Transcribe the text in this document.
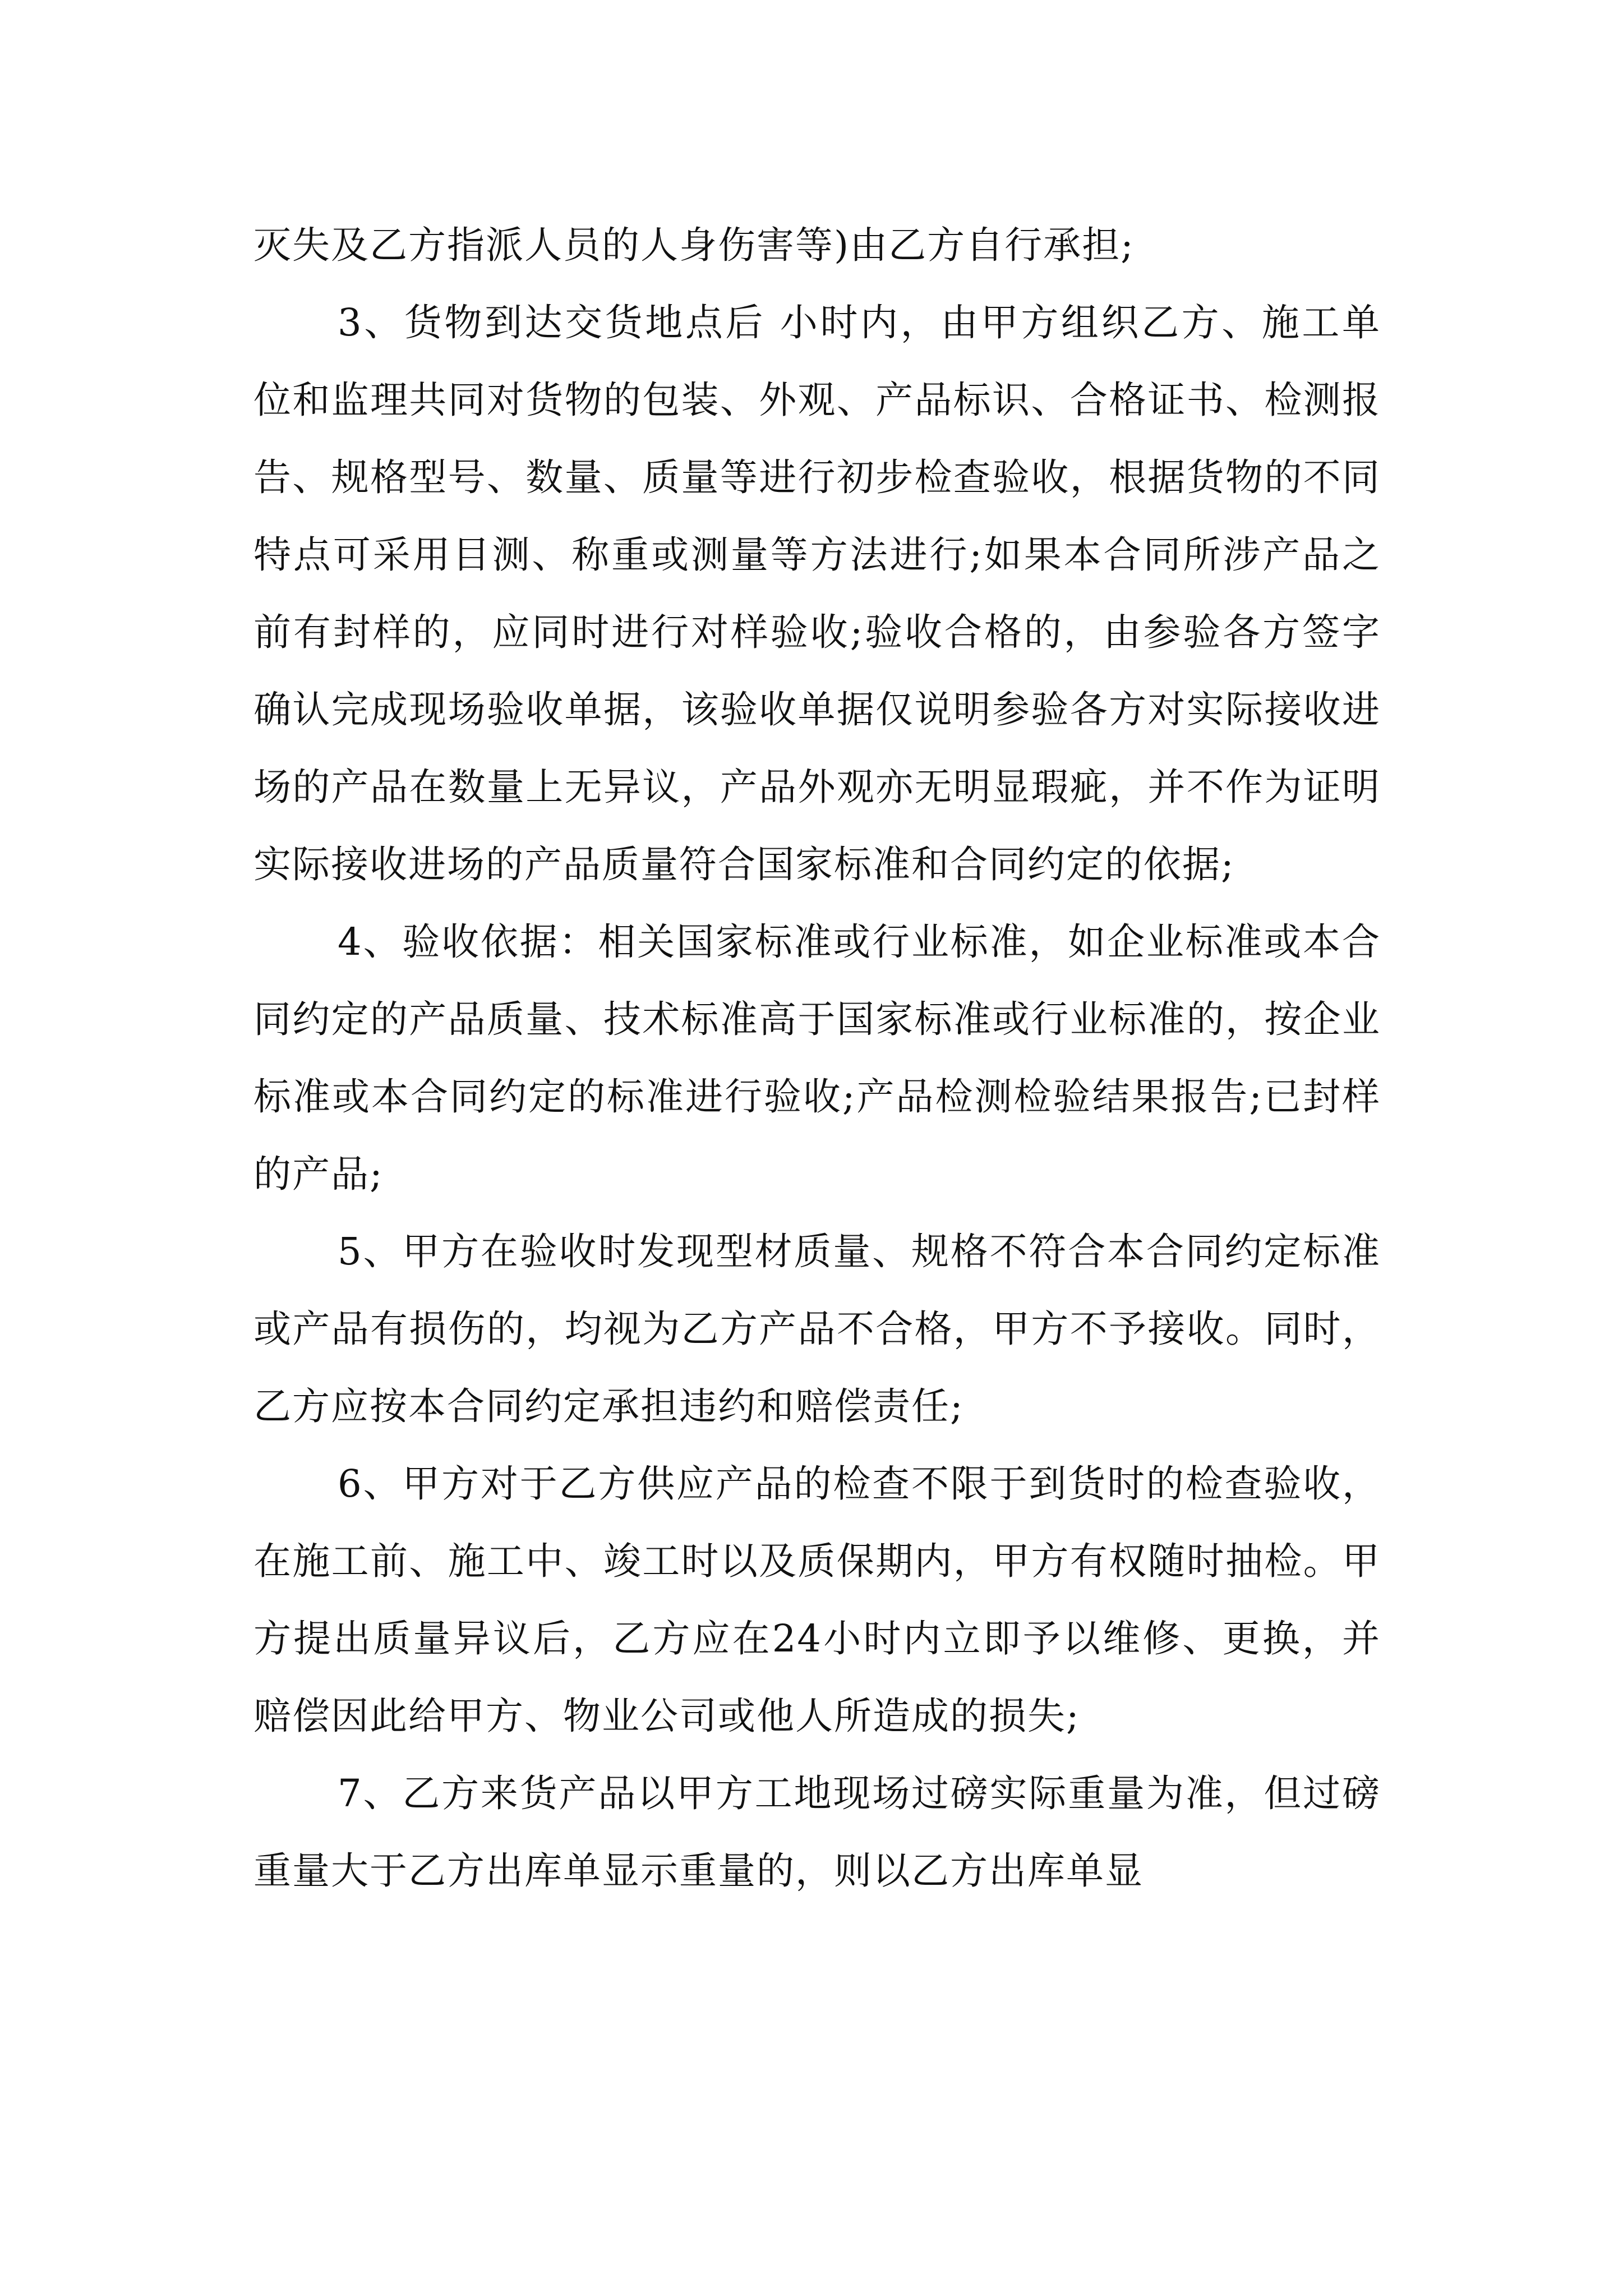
灭失及乙方指派人员的人身伤害等)由乙方自行承担;

3、货物到达交货地点后 小时内，由甲方组织乙方、施工单位和监理共同对货物的包装、外观、产品标识、合格证书、检测报告、规格型号、数量、质量等进行初步检查验收，根据货物的不同特点可采用目测、称重或测量等方法进行;如果本合同所涉产品之前有封样的，应同时进行对样验收;验收合格的，由参验各方签字确认完成现场验收单据，该验收单据仅说明参验各方对实际接收进场的产品在数量上无异议，产品外观亦无明显瑕疵，并不作为证明实际接收进场的产品质量符合国家标准和合同约定的依据;

4、验收依据：相关国家标准或行业标准，如企业标准或本合同约定的产品质量、技术标准高于国家标准或行业标准的，按企业标准或本合同约定的标准进行验收;产品检测检验结果报告;已封样的产品;

5、甲方在验收时发现型材质量、规格不符合本合同约定标准或产品有损伤的，均视为乙方产品不合格，甲方不予接收。同时，乙方应按本合同约定承担违约和赔偿责任;

6、甲方对于乙方供应产品的检查不限于到货时的检查验收，在施工前、施工中、竣工时以及质保期内，甲方有权随时抽检。甲方提出质量异议后，乙方应在24小时内立即予以维修、更换，并赔偿因此给甲方、物业公司或他人所造成的损失;

7、乙方来货产品以甲方工地现场过磅实际重量为准，但过磅重量大于乙方出库单显示重量的，则以乙方出库单显
